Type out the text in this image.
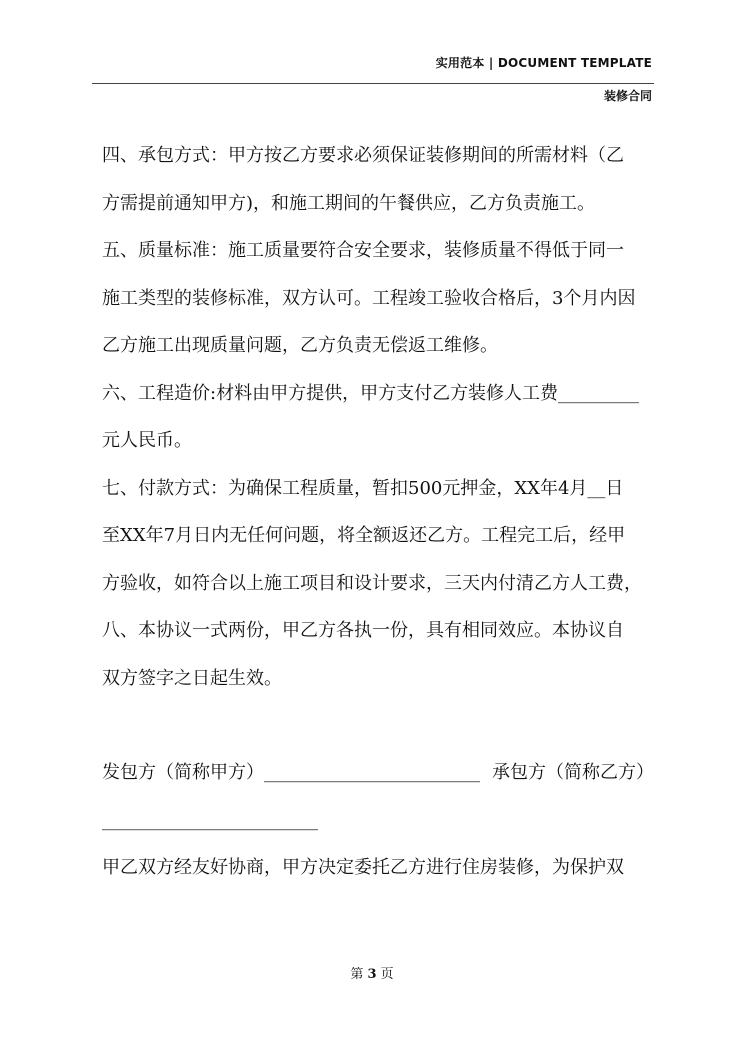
实用范本 | DOCUMENT TEMPLATE
装修合同
四、承包方式：甲方按乙方要求必须保证装修期间的所需材料（乙
方需提前通知甲方)，和施工期间的午餐供应，乙方负责施工。
五、质量标准：施工质量要符合安全要求，装修质量不得低于同一
施工类型的装修标准，双方认可。工程竣工验收合格后，3个月内因
乙方施工出现质量问题，乙方负责无偿返工维修。
六、工程造价:材料由甲方提供，甲方支付乙方装修人工费_________
元人民币。
七、付款方式：为确保工程质量，暂扣500元押金，XX年4月__日
至XX年7月日内无任何问题，将全额返还乙方。工程完工后，经甲
方验收，如符合以上施工项目和设计要求，三天内付清乙方人工费，
八、本协议一式两份，甲乙方各执一份，具有相同效应。本协议自
双方签字之日起生效。
发包方（简称甲方）________________________ 承包方（简称乙方）
________________________
甲乙双方经友好协商，甲方决定委托乙方进行住房装修，为保护双
第 3 页
